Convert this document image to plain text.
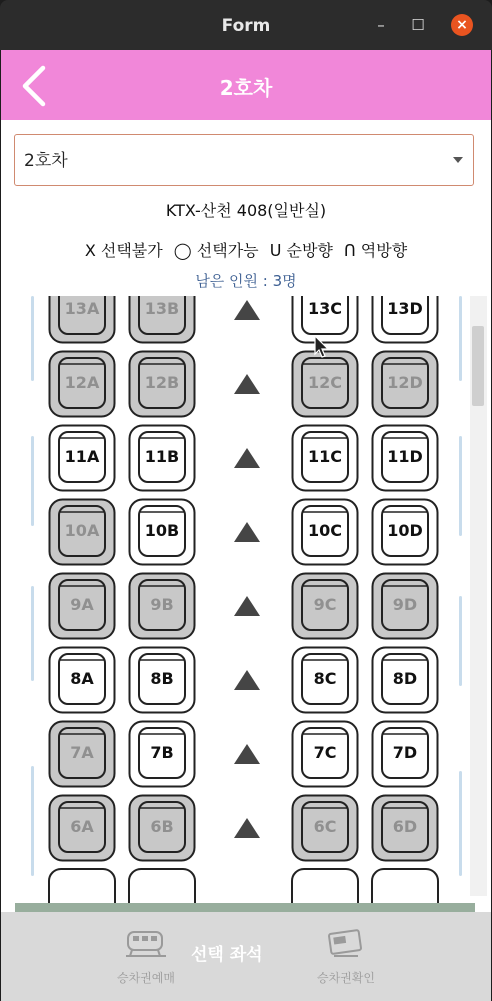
Form	–	☐	×
2호차
2호차
KTX-산천 408(일반실)
X 선택불가 ◯ 선택가능 ᑌ 순방향 ᑎ 역방향
남은 인원 : 3명
13A	13B	13C	13D
12A	12B	12C	12D
11A	11B	11C	11D
10A	10B	10C	10D
9A	9B	9C	9D
8A	8B	8C	8D
7A	7B	7C	7D
6A	6B	6C	6D
승차권예매
선택 좌석
승차권확인
